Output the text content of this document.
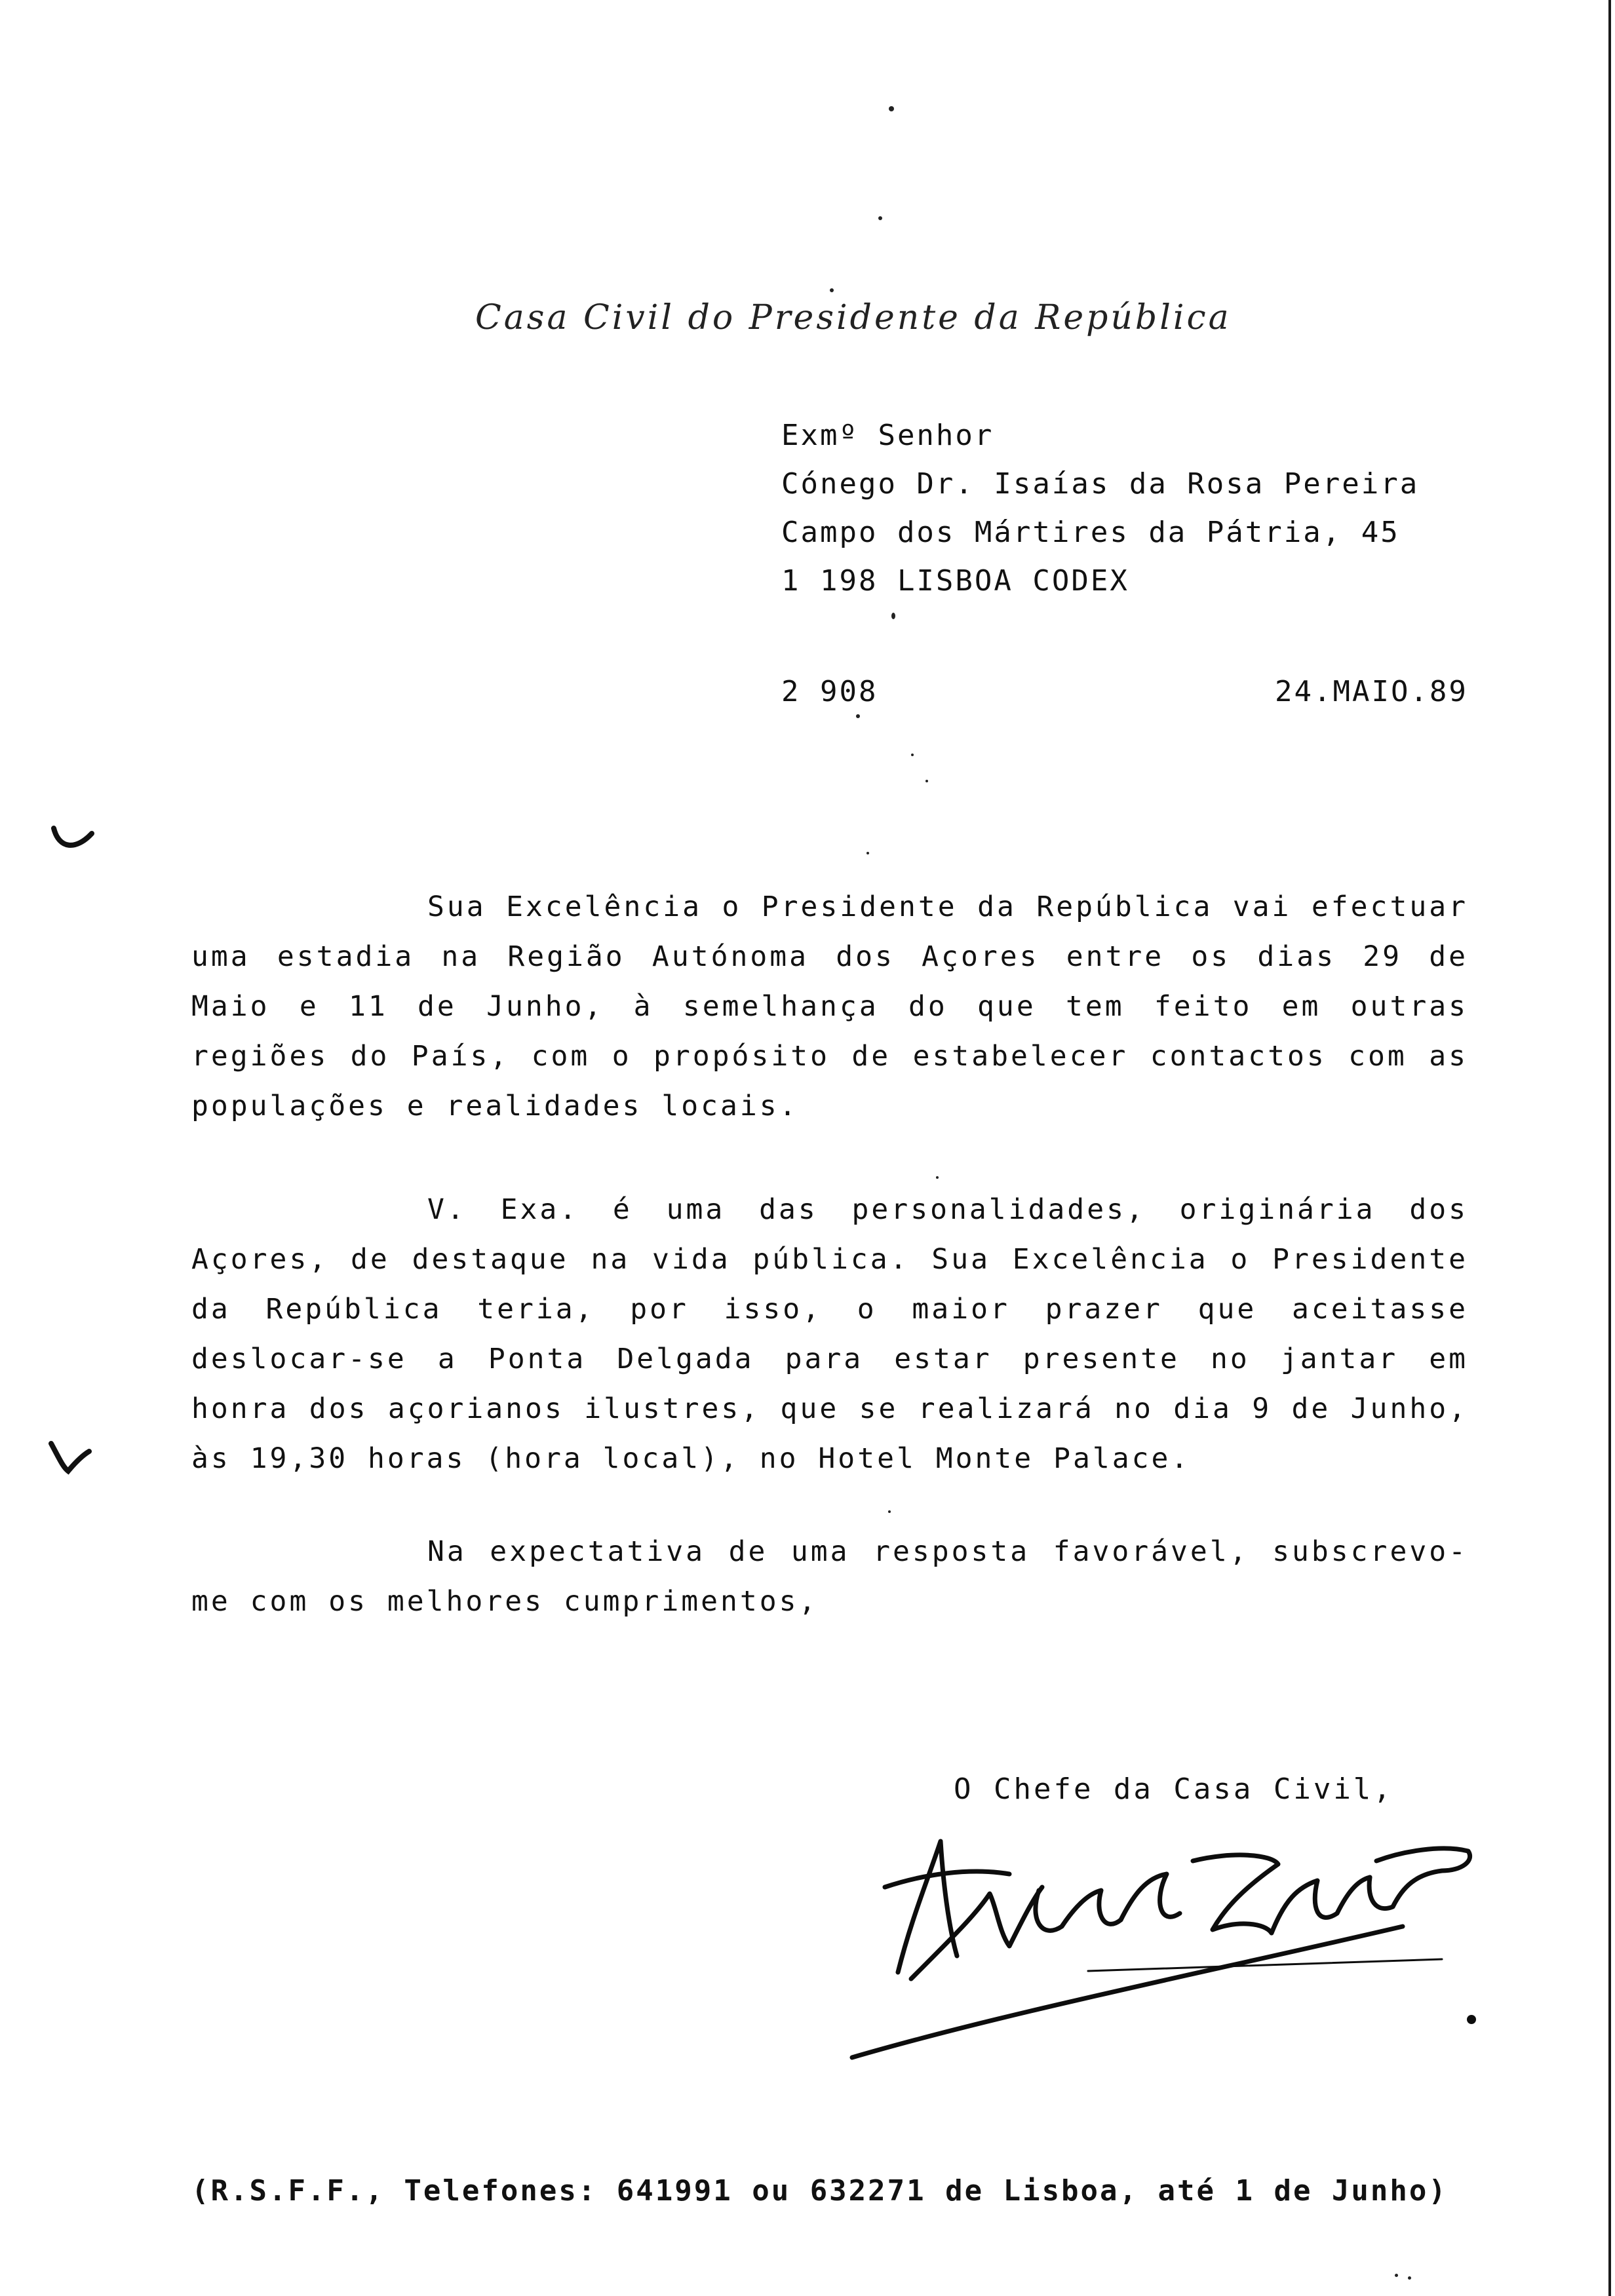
Casa Civil do Presidente da República
Exmº Senhor
Cónego Dr. Isaías da Rosa Pereira
Campo dos Mártires da Pátria, 45
1 198 LISBOA CODEX
2 908	24.MAIO.89

Sua Excelência o Presidente da República vai efectuar uma estadia na Região Autónoma dos Açores entre os dias 29 de Maio e 11 de Junho, à semelhança do que tem feito em outras regiões do País, com o propósito de estabelecer contactos com as populações e realidades locais.

V. Exa. é uma das personalidades, originária dos Açores, de destaque na vida pública. Sua Excelência o Presidente da República teria, por isso, o maior prazer que aceitasse deslocar-se a Ponta Delgada para estar presente no jantar em honra dos açorianos ilustres, que se realizará no dia 9 de Junho, às 19,30 horas (hora local), no Hotel Monte Palace.

Na expectativa de uma resposta favorável, subscrevo-me com os melhores cumprimentos,

O Chefe da Casa Civil,
(R.S.F.F., Telefones: 641991 ou 632271 de Lisboa, até 1 de Junho)
